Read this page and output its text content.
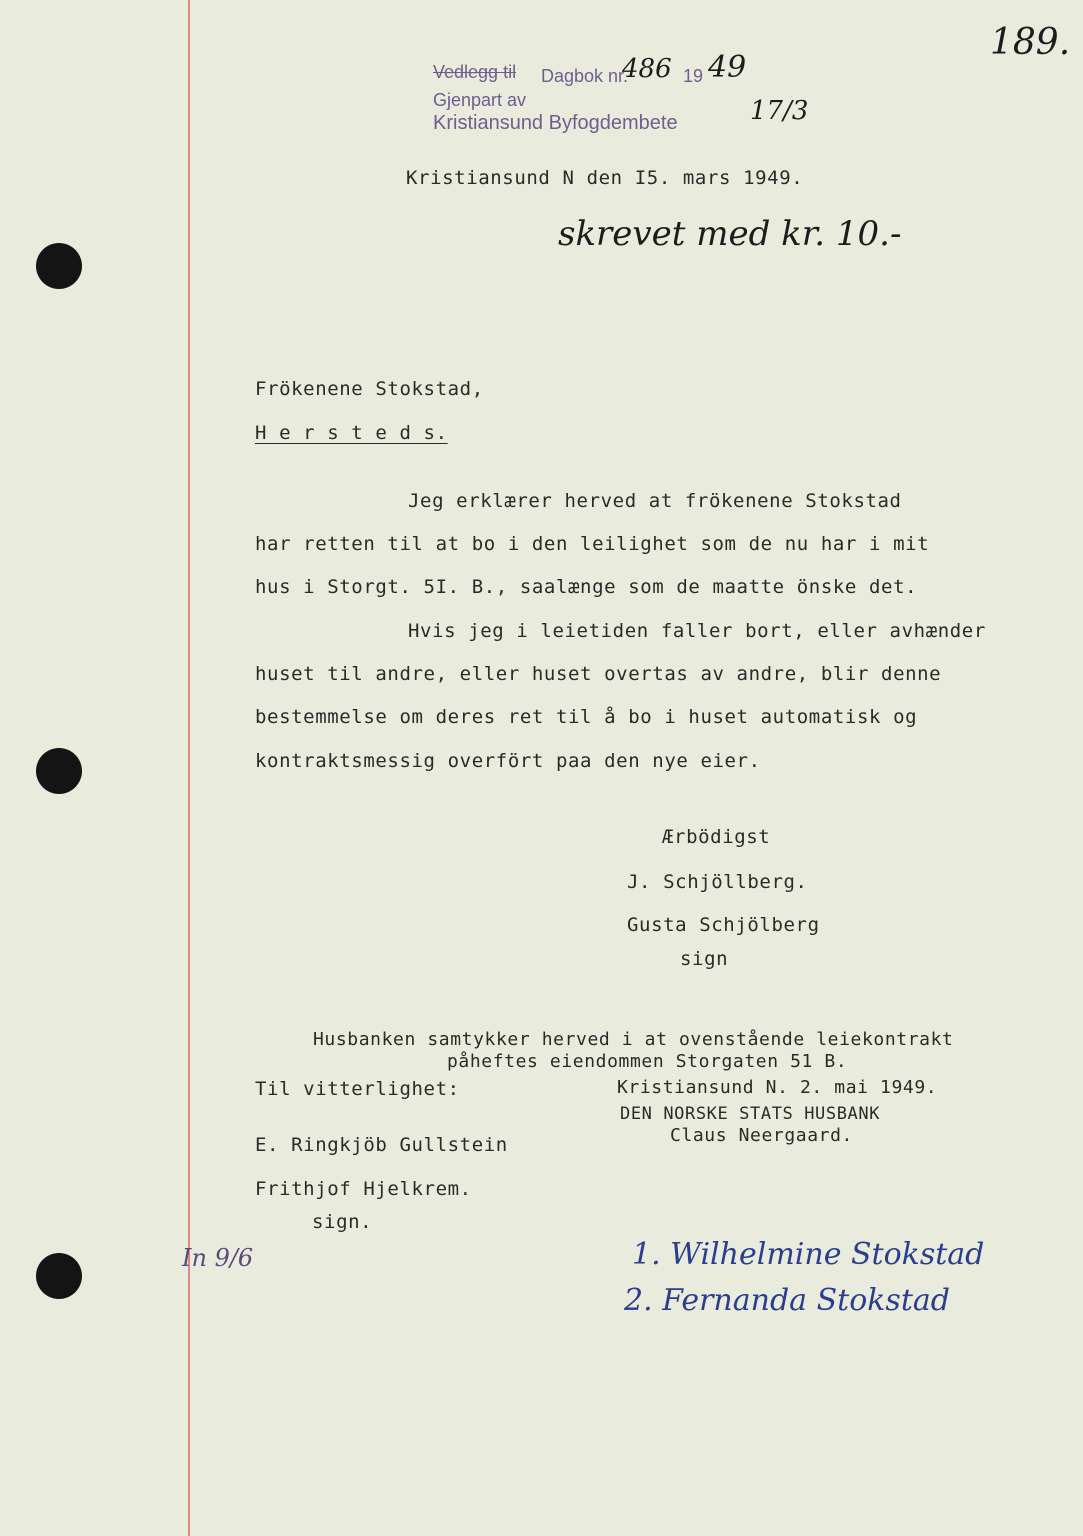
Vedlegg til Dagbok nr.
486 19 49
Gjenpart av
Kristiansund Byfogdembete	17/3
189.
Kristiansund N den I5. mars 1949.
skrevet med kr. 10.-
Frökenene Stokstad,
H e r s t e d s.
Jeg erklærer herved at frökenene Stokstad
har retten til at bo i den leilighet som de nu har i mit
hus i Storgt. 5I. B., saalænge som de maatte önske det.
Hvis jeg i leietiden faller bort, eller avhænder
huset til andre, eller huset overtas av andre, blir denne
bestemmelse om deres ret til å bo i huset automatisk og
kontraktsmessig overfört paa den nye eier.
Ærbödigst
J. Schjöllberg.
Gusta Schjölberg
sign
Husbanken samtykker herved i at ovenstående leiekontrakt
påheftes eiendommen Storgaten 51 B.
Kristiansund N. 2. mai 1949.
DEN NORSKE STATS HUSBANK
Claus Neergaard.
Til vitterlighet:
E. Ringkjöb Gullstein
Frithjof Hjelkrem.
sign.
In 9/6	1. Wilhelmine Stokstad
2. Fernanda Stokstad
